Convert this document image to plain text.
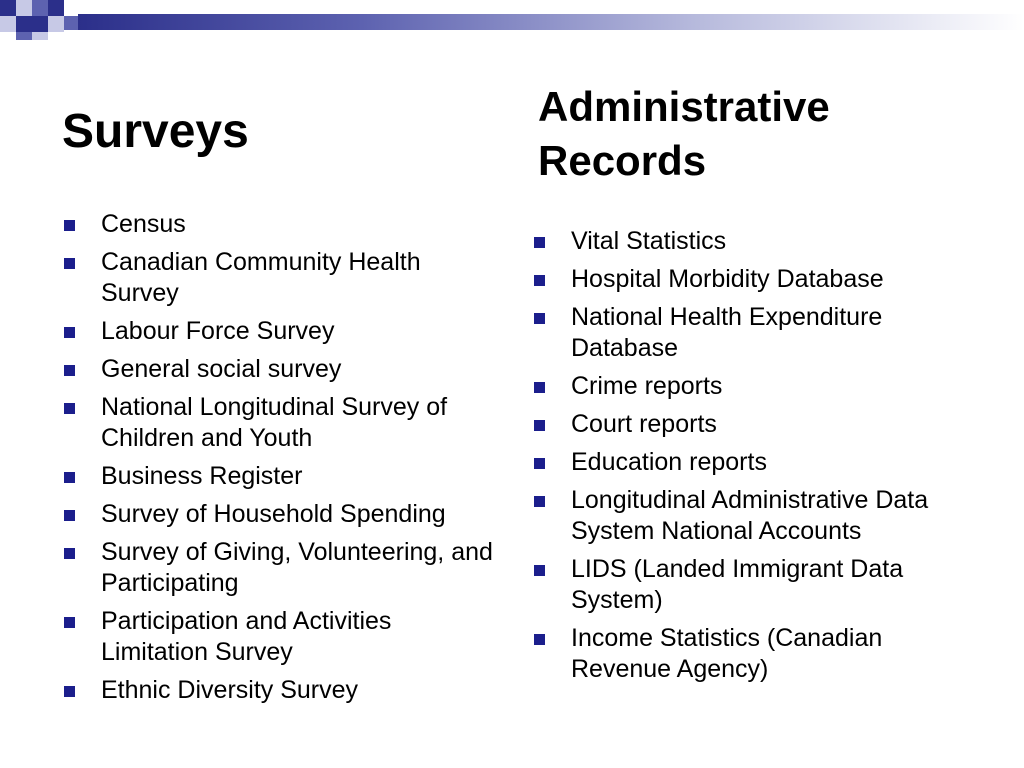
Surveys	Administrative
Records
Census
Canadian Community Health Survey
Labour Force Survey
General social survey
National Longitudinal Survey of Children and Youth
Business Register
Survey of Household Spending
Survey of Giving, Volunteering, and Participating
Participation and Activities Limitation Survey
Ethnic Diversity Survey
Vital Statistics
Hospital Morbidity Database
National Health Expenditure Database
Crime reports
Court reports
Education reports
Longitudinal Administrative Data System National Accounts
LIDS (Landed Immigrant Data System)
Income Statistics (Canadian Revenue Agency)
